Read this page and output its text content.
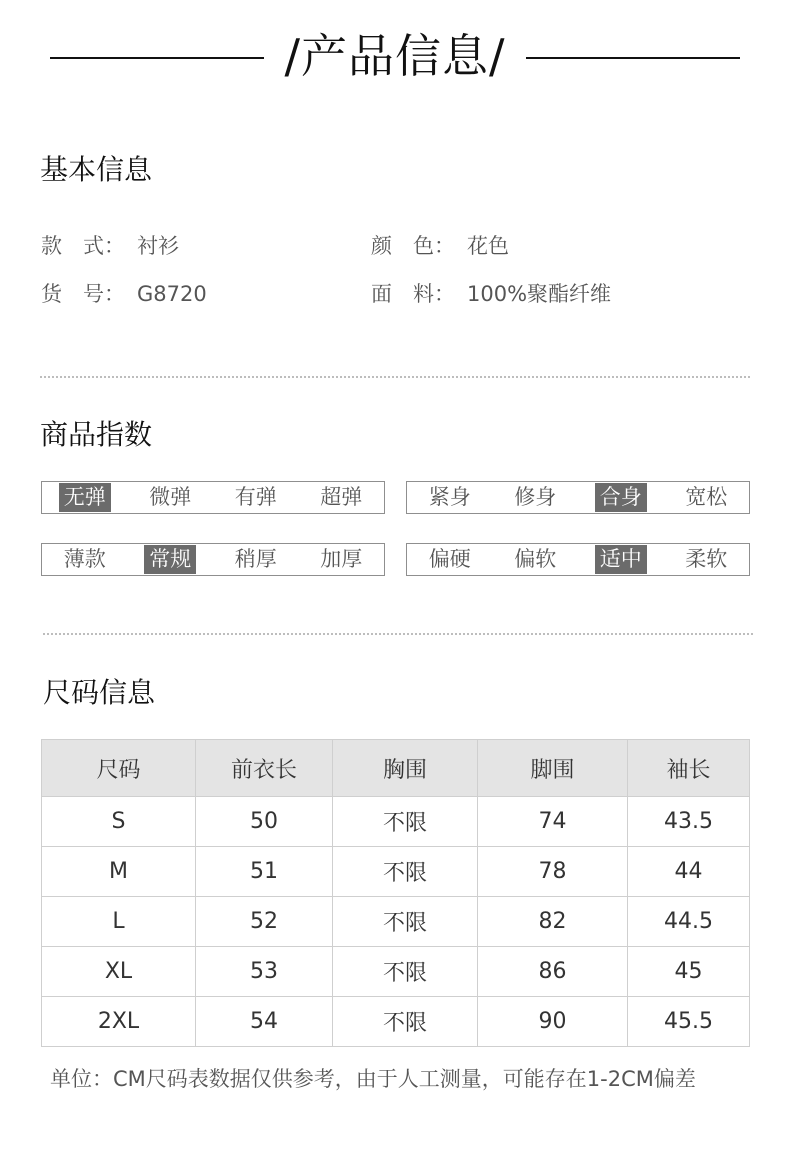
/产品信息/
基本信息
款　式： 衬衫	颜　色： 花色
货　号： G8720	面　料： 100%聚酯纤维
商品指数
无弹 微弹 有弹 超弹	紧身 修身 合身 宽松
薄款 常规 稍厚 加厚	偏硬 偏软 适中 柔软
尺码信息
尺码	前衣长	胸围	脚围	袖长
S	50	不限	74	43.5
M	51	不限	78	44
L	52	不限	82	44.5
XL	53	不限	86	45
2XL	54	不限	90	45.5
单位：CM尺码表数据仅供参考，由于人工测量，可能存在1-2CM偏差
